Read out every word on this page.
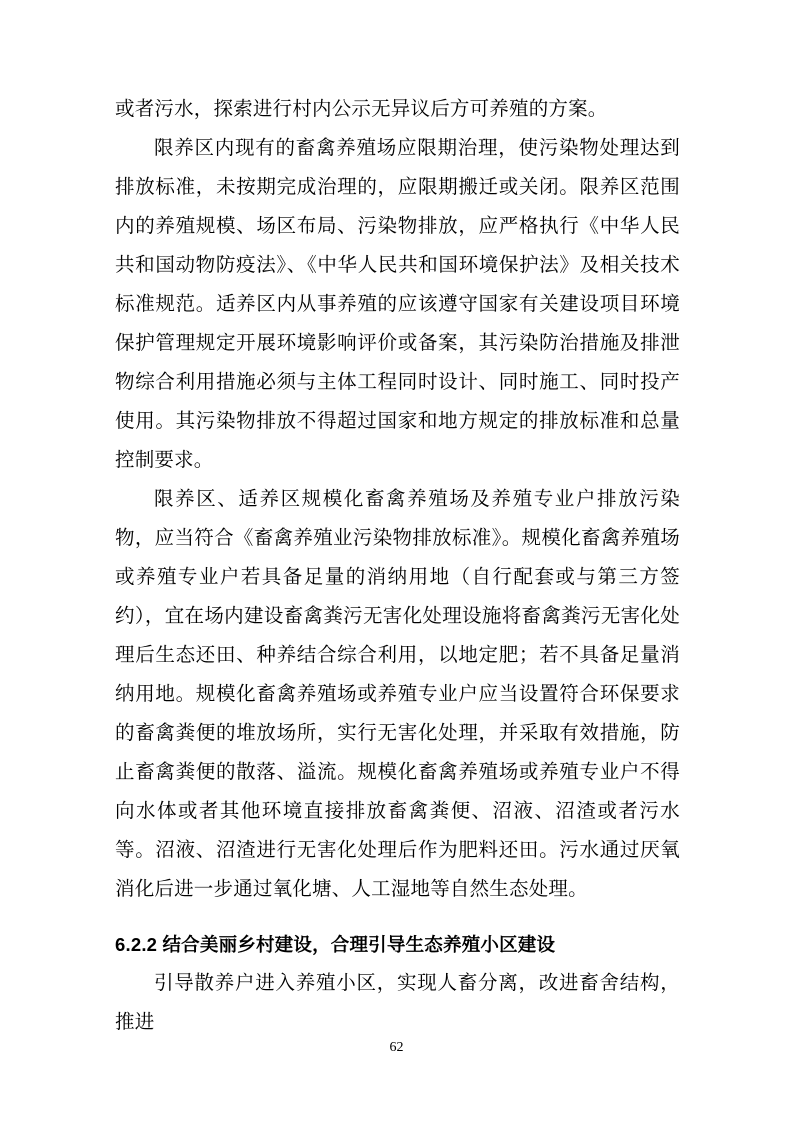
或者污水，探索进行村内公示无异议后方可养殖的方案。

限养区内现有的畜禽养殖场应限期治理，使污染物处理达到排放标准，未按期完成治理的，应限期搬迁或关闭。限养区范围内的养殖规模、场区布局、污染物排放，应严格执行《中华人民共和国动物防疫法》、《中华人民共和国环境保护法》及相关技术标准规范。适养区内从事养殖的应该遵守国家有关建设项目环境保护管理规定开展环境影响评价或备案，其污染防治措施及排泄物综合利用措施必须与主体工程同时设计、同时施工、同时投产使用。其污染物排放不得超过国家和地方规定的排放标准和总量控制要求。

限养区、适养区规模化畜禽养殖场及养殖专业户排放污染物，应当符合《畜禽养殖业污染物排放标准》。规模化畜禽养殖场或养殖专业户若具备足量的消纳用地（自行配套或与第三方签约），宜在场内建设畜禽粪污无害化处理设施将畜禽粪污无害化处理后生态还田、种养结合综合利用，以地定肥；若不具备足量消纳用地。规模化畜禽养殖场或养殖专业户应当设置符合环保要求的畜禽粪便的堆放场所，实行无害化处理，并采取有效措施，防止畜禽粪便的散落、溢流。规模化畜禽养殖场或养殖专业户不得向水体或者其他环境直接排放畜禽粪便、沼液、沼渣或者污水等。沼液、沼渣进行无害化处理后作为肥料还田。污水通过厌氧消化后进一步通过氧化塘、人工湿地等自然生态处理。

6.2.2 结合美丽乡村建设，合理引导生态养殖小区建设

引导散养户进入养殖小区，实现人畜分离，改进畜舍结构，推进

62
